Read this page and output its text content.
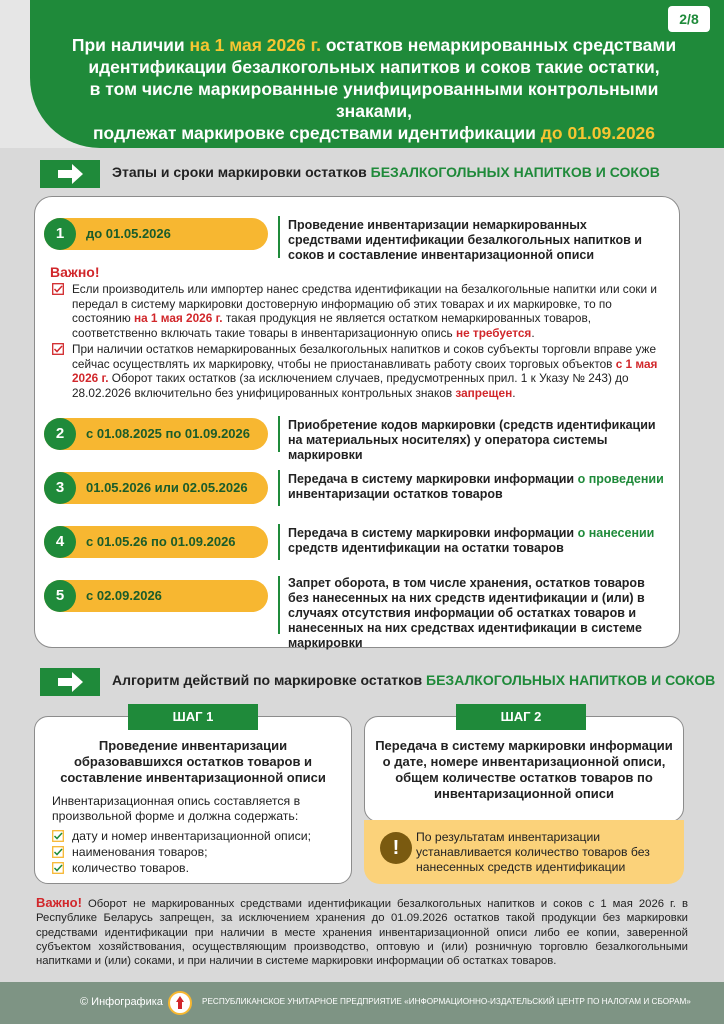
2/8
При наличии на 1 мая 2026 г. остатков немаркированных средствами
идентификации безалкогольных напитков и соков такие остатки,
в том числе маркированные унифицированными контрольными знаками,
подлежат маркировке средствами идентификации до 01.09.2026
Этапы и сроки маркировки остатков БЕЗАЛКОГОЛЬНЫХ НАПИТКОВ И СОКОВ
1	до 01.05.2026
Проведение инвентаризации немаркированных средствами идентификации безалкогольных напитков и соков и составление инвентаризационной описи
Важно!
Если производитель или импортер нанес средства идентификации на безалкогольные напитки или соки и передал в систему маркировки достоверную информацию об этих товарах и их маркировке, то по состоянию на 1 мая 2026 г. такая продукция не является остатком немаркированных товаров, соответственно включать такие товары в инвентаризационную опись не требуется.
При наличии остатков немаркированных безалкогольных напитков и соков субъекты торговли вправе уже сейчас осуществлять их маркировку, чтобы не приостанавливать работу своих торговых объектов с 1 мая 2026 г. Оборот таких остатков (за исключением случаев, предусмотренных прил. 1 к Указу № 243) до 28.02.2026 включительно без унифицированных контрольных знаков запрещен.
2	с 01.08.2025 по 01.09.2026
Приобретение кодов маркировки (средств идентификации на материальных носителях) у оператора системы маркировки
3	01.05.2026 или 02.05.2026
Передача в систему маркировки информации о проведении инвентаризации остатков товаров
4	с 01.05.26 по 01.09.2026
Передача в систему маркировки информации о нанесении средств идентификации на остатки товаров
5	с 02.09.2026
Запрет оборота, в том числе хранения, остатков товаров без нанесенных на них средств идентификации и (или) в случаях отсутствия информации об остатках товаров и нанесенных на них средствах идентификации в системе маркировки
Алгоритм действий по маркировке остатков БЕЗАЛКОГОЛЬНЫХ НАПИТКОВ И СОКОВ
ШАГ 1
Проведение инвентаризации образовавшихся остатков товаров и составление инвентаризационной описи
Инвентаризационная опись составляется в произвольной форме и должна содержать:
дату и номер инвентаризационной описи;
наименования товаров;
количество товаров.
ШАГ 2
Передача в систему маркировки информации о дате, номере инвентаризационной описи, общем количестве остатков товаров по инвентаризационной описи
!	По результатам инвентаризации устанавливается количество товаров без нанесенных средств идентификации
Важно! Оборот не маркированных средствами идентификации безалкогольных напитков и соков с 1 мая 2026 г. в Республике Беларусь запрещен, за исключением хранения до 01.09.2026 остатков такой продукции без маркировки средствами идентификации при наличии в месте хранения инвентаризационной описи либо ее копии, заверенной субъектом хозяйствования, осуществляющим производство, оптовую и (или) розничную торговлю безалкогольными напитками и (или) соками, и при наличии в системе маркировки информации об остатках товаров.
© Инфографика	РЕСПУБЛИКАНСКОЕ УНИТАРНОЕ ПРЕДПРИЯТИЕ «ИНФОРМАЦИОННО-ИЗДАТЕЛЬСКИЙ ЦЕНТР ПО НАЛОГАМ И СБОРАМ»
